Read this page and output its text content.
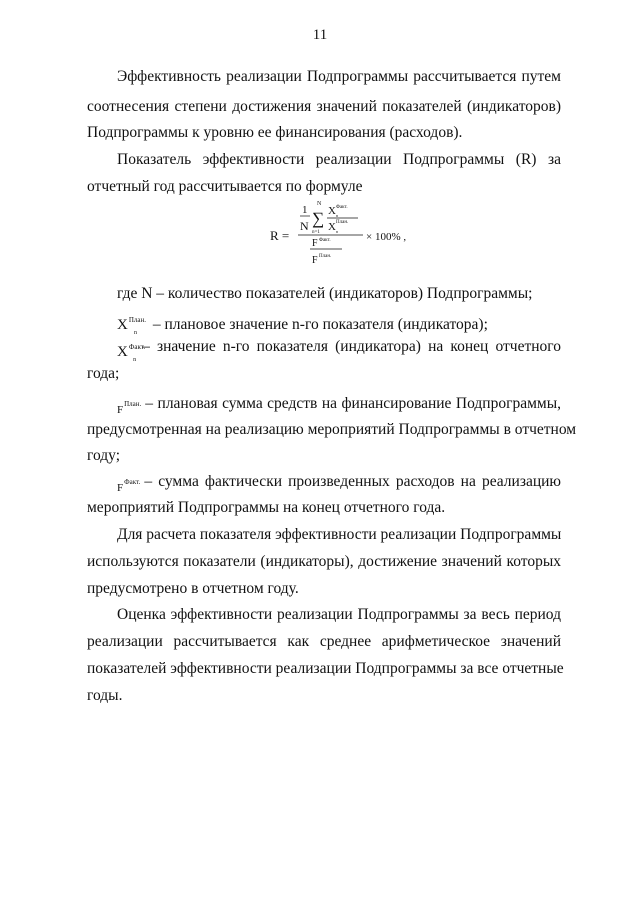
11
Эффективность реализации Подпрограммы рассчитывается путем
соотнесения степени достижения значений показателей (индикаторов)
Подпрограммы к уровню ее финансирования (расходов).
Показатель эффективности реализации Подпрограммы (R) за
отчетный год рассчитывается по формуле
R =
1
N
N
∑
n=1
X Факт.
n
X План.
n
F Факт.
F План.
× 100% ,
где N – количество показателей (индикаторов) Подпрограммы;
$X^{План.}_n$ – плановое значение n-го показателя (индикатора);
$X^{Факт.}_n$
– значение n-го показателя (индикатора) на конец отчетного
года;
$F^{План.}$ – плановая сумма средств на финансирование Подпрограммы,
предусмотренная на реализацию мероприятий Подпрограммы в отчетном
году;
$F^{Факт.}$ – сумма фактически произведенных расходов на реализацию
мероприятий Подпрограммы на конец отчетного года.
Для расчета показателя эффективности реализации Подпрограммы
используются показатели (индикаторы), достижение значений которых
предусмотрено в отчетном году.
Оценка эффективности реализации Подпрограммы за весь период
реализации рассчитывается как среднее арифметическое значений
показателей эффективности реализации Подпрограммы за все отчетные
годы.
